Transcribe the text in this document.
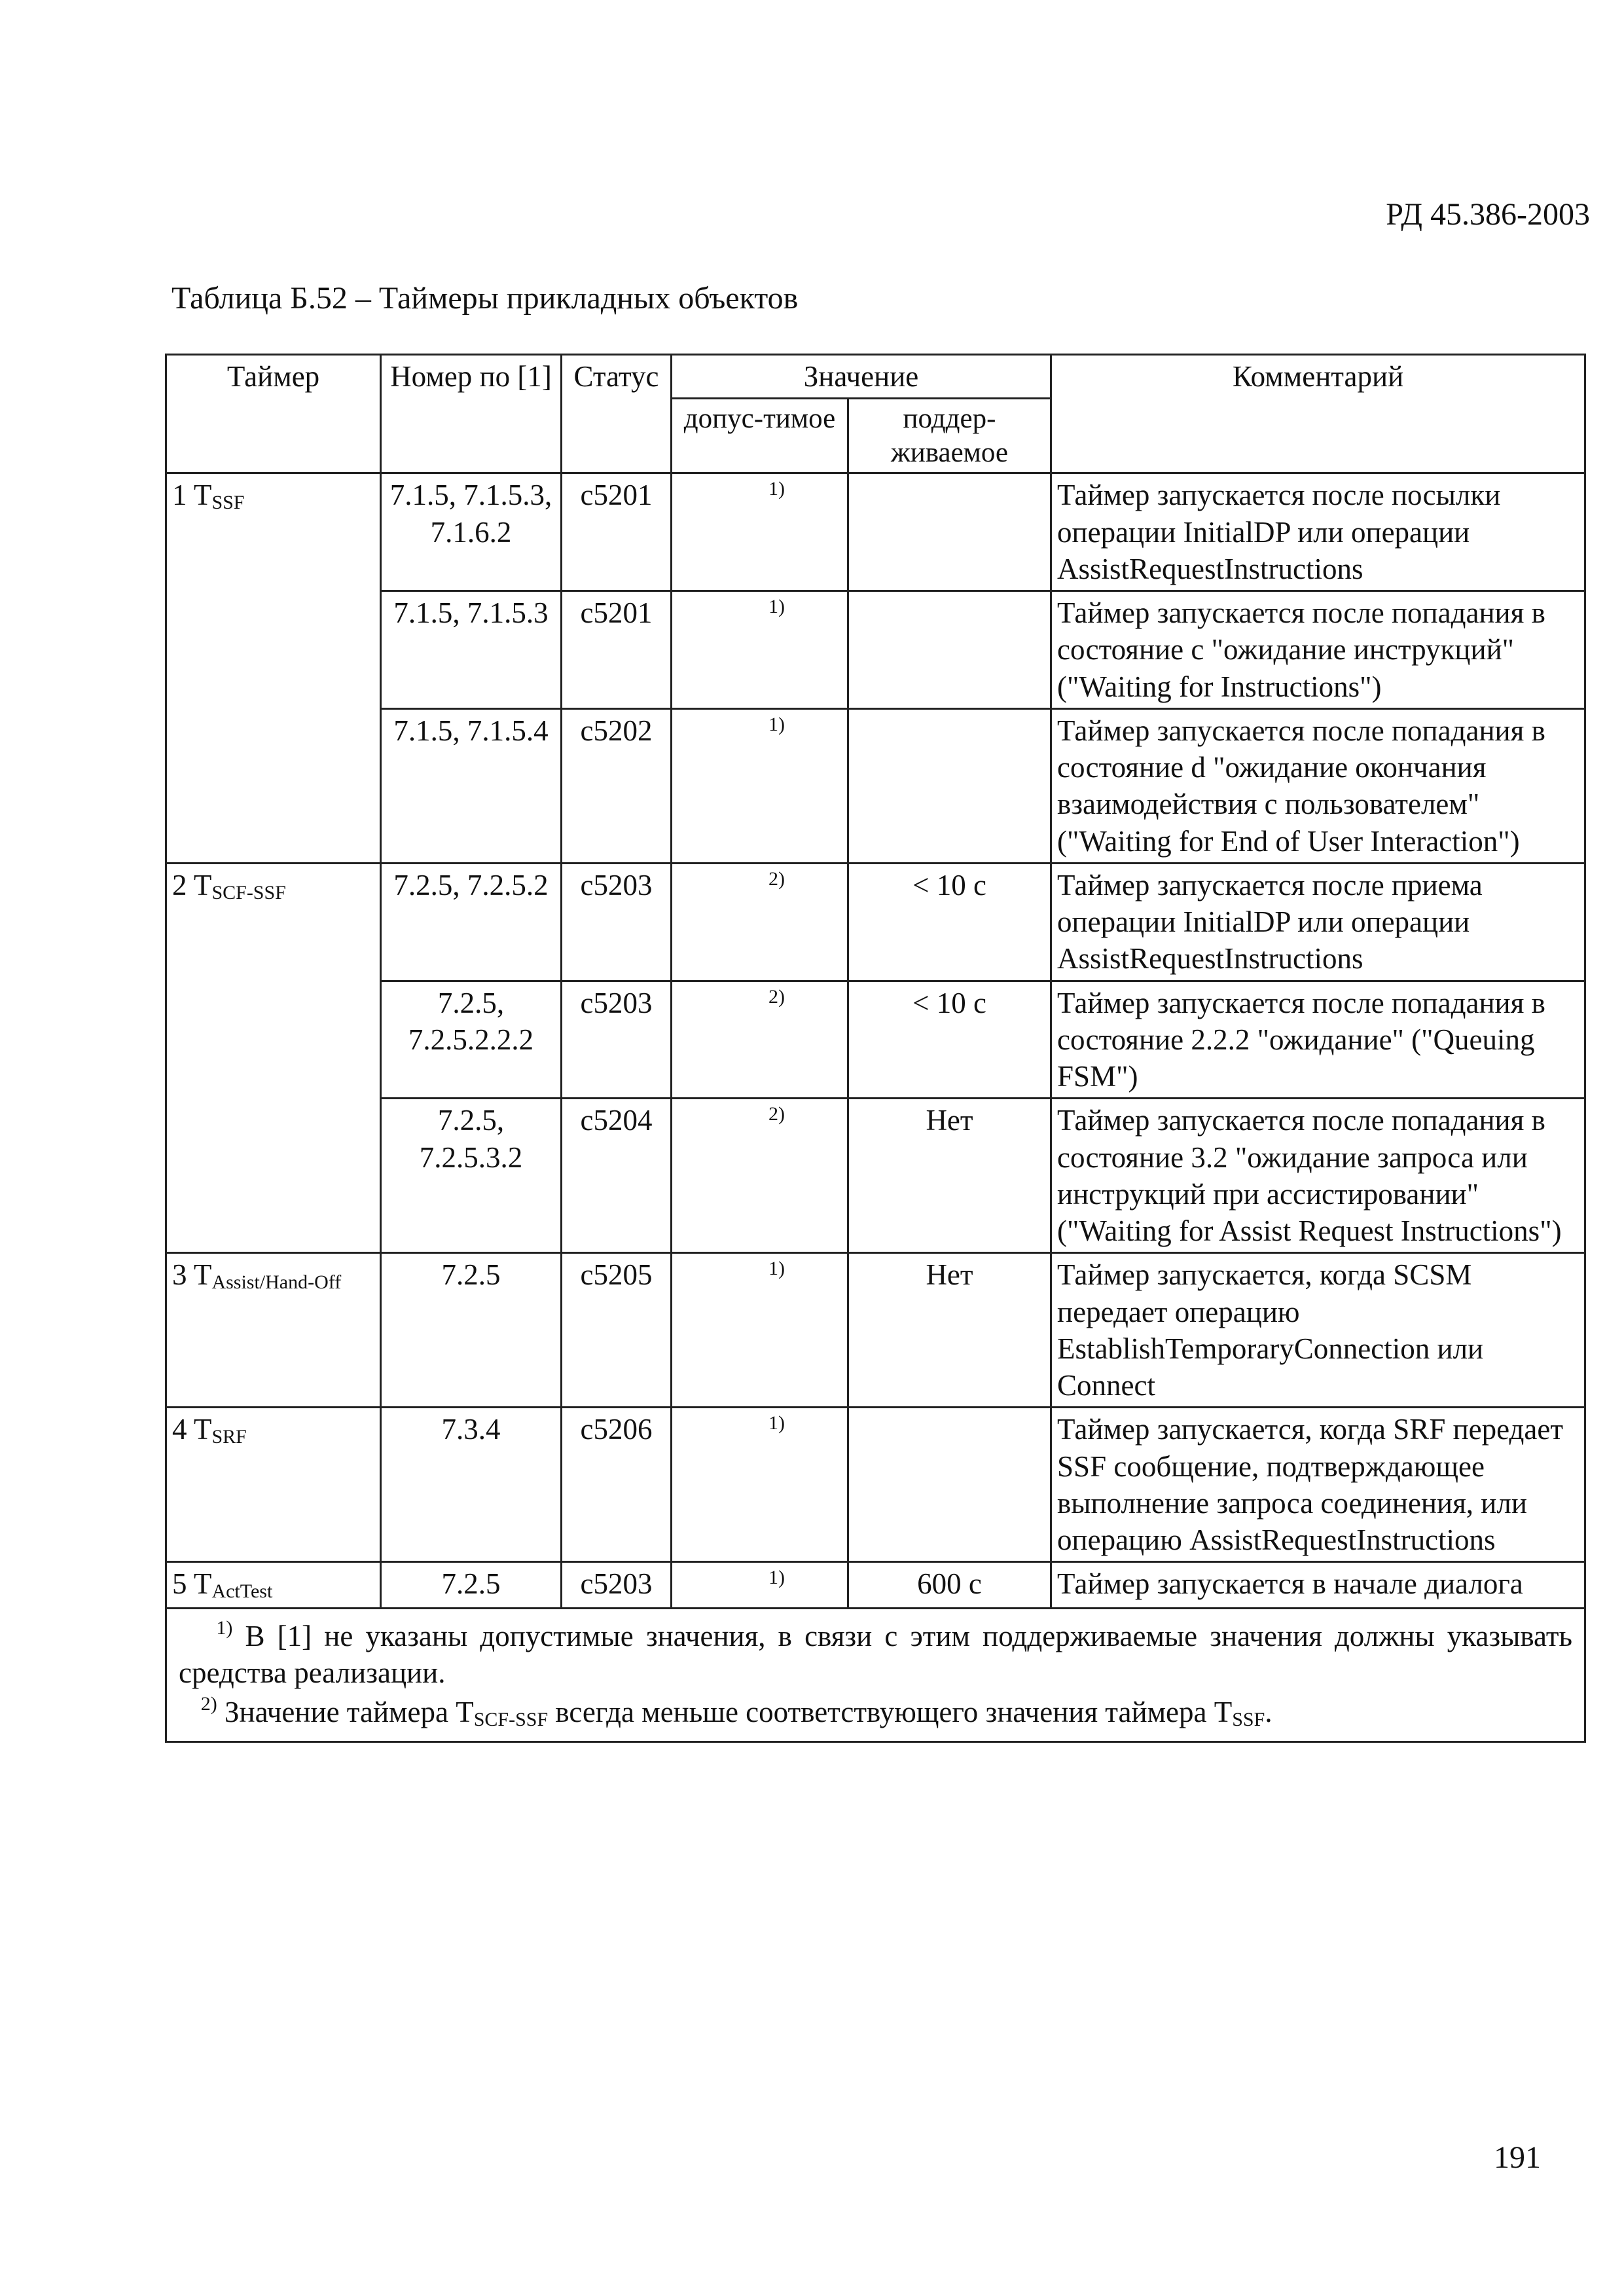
РД 45.386-2003
Таблица Б.52 – Таймеры прикладных объектов
Таймер	Номер по [1]	Статус	Значение		Комментарий
			допус-тимое	поддер-живаемое	
1 $T_{SSF}$	7.1.5, 7.1.5.3, 7.1.6.2	c5201	$^{1)}$		Таймер запускается после посылки операции InitialDP или операции AssistRequestInstructions
	7.1.5, 7.1.5.3	c5201	$^{1)}$		Таймер запускается после попадания в состояние с "ожидание инструкций" ("Waiting for Instructions")
	7.1.5, 7.1.5.4	c5202	$^{1)}$		Таймер запускается после попадания в состояние d "ожидание окончания взаимодействия с пользователем" ("Waiting for End of User Interaction")
2 $T_{SCF-SSF}$	7.2.5, 7.2.5.2	c5203	$^{2)}$	< 10 c	Таймер запускается после приема операции InitialDP или операции AssistRequestInstructions
	7.2.5, 7.2.5.2.2.2	c5203	$^{2)}$	< 10 c	Таймер запускается после попадания в состояние 2.2.2 "ожидание" ("Queuing FSM")
	7.2.5, 7.2.5.3.2	c5204	$^{2)}$	Нет	Таймер запускается после попадания в состояние 3.2 "ожидание запроса или инструкций при ассистировании" ("Waiting for Assist Request Instructions")
3 $T_{Assist/Hand-Off}$	7.2.5	c5205	$^{1)}$	Нет	Таймер запускается, когда SCSM передает операцию EstablishTemporaryConnection или Connect
4 $T_{SRF}$	7.3.4	c5206	$^{1)}$		Таймер запускается, когда SRF передает SSF сообщение, подтверждающее выполнение запроса соединения, или операцию AssistRequestInstructions
5 $T_{ActTest}$	7.2.5	c5203	$^{1)}$	600 c	Таймер запускается в начале диалога

$^{1)}$ В [1] не указаны допустимые значения, в связи с этим поддерживаемые значения должны указывать средства реализации.

$^{2)}$ Значение таймера $T_{SCF-SSF}$ всегда меньше соответствующего значения таймера $T_{SSF}$.

191
